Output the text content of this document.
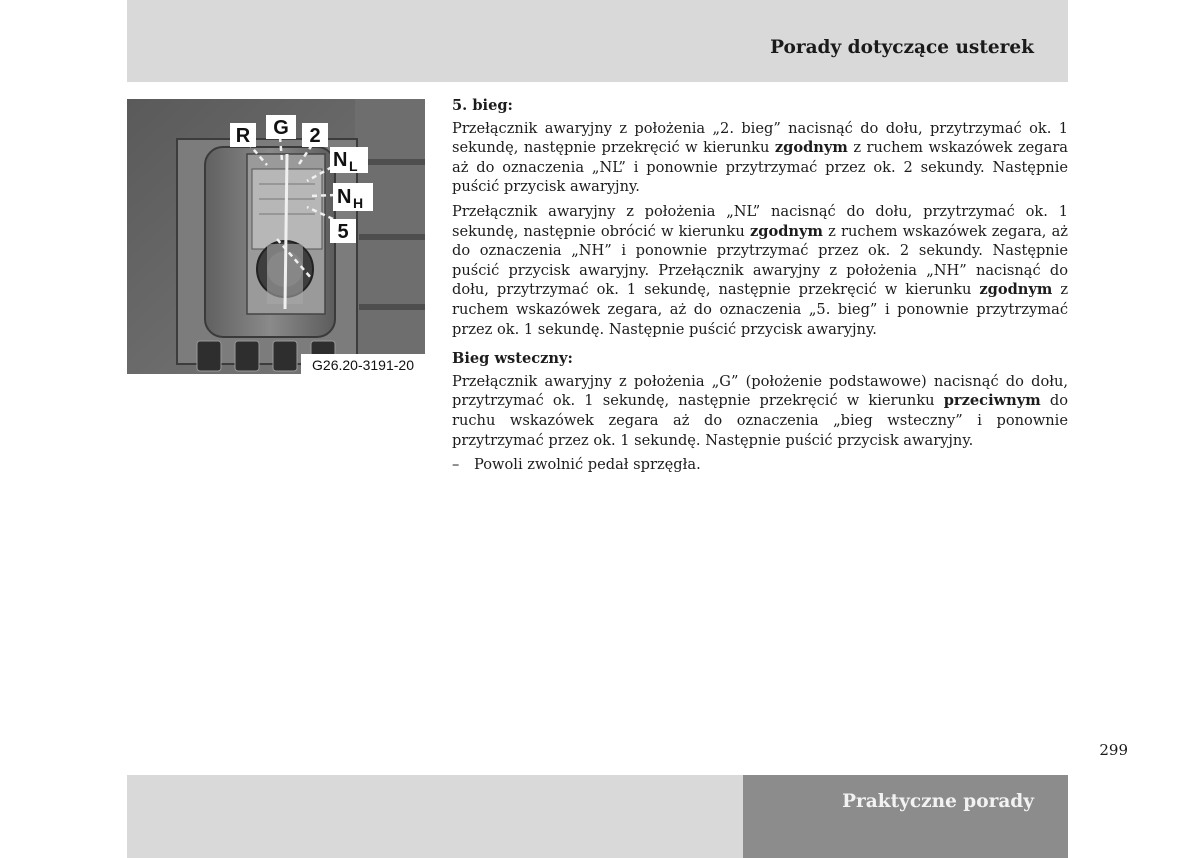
Porady dotyczące usterek
R G 2
N L
N H
5
G26.20-3191-20
5. bieg:

Przełącznik awaryjny z położenia „2. bieg” nacisnąć do dołu, przytrzymać ok. 1 sekundę, następnie przekręcić w kierunku zgodnym z ruchem wskazówek zegara aż do oznaczenia „NL” i ponownie przytrzymać przez ok. 2 sekundy. Następnie puścić przycisk awaryjny.

Przełącznik awaryjny z położenia „NL” nacisnąć do dołu, przytrzymać ok. 1 sekundę, następnie obrócić w kierunku zgodnym z ruchem wskazówek zegara, aż do oznaczenia „NH” i ponownie przytrzymać przez ok. 2 sekundy. Następnie puścić przycisk awaryjny. Przełącznik awaryjny z położenia „NH” nacisnąć do dołu, przytrzymać ok. 1 sekundę, następnie przekręcić w kierunku zgodnym z ruchem wskazówek zegara, aż do oznaczenia „5. bieg” i ponownie przytrzymać przez ok. 1 sekundę. Następnie puścić przycisk awaryjny.

Bieg wsteczny:

Przełącznik awaryjny z położenia „G” (położenie podstawowe) nacisnąć do dołu, przytrzymać ok. 1 sekundę, następnie przekręcić w kierunku przeciwnym do ruchu wskazówek zegara aż do oznaczenia „bieg wsteczny” i ponownie przytrzymać przez ok. 1 sekundę. Następnie puścić przycisk awaryjny.

–	Powoli zwolnić pedał sprzęgła.
299
Praktyczne porady
